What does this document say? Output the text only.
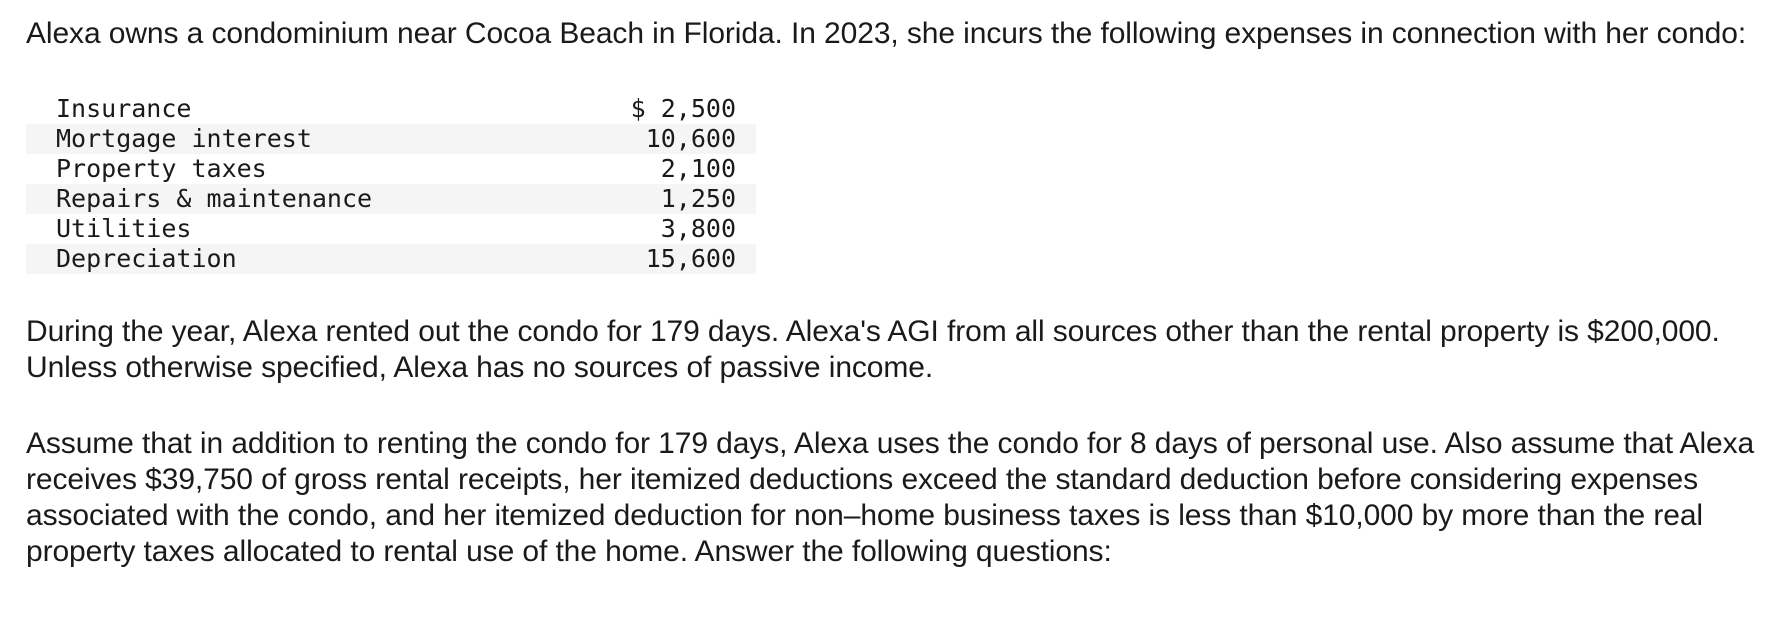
Alexa owns a condominium near Cocoa Beach in Florida. In 2023, she incurs the following expenses in connection with her condo:

Insurance	$ 2,500
Mortgage interest	10,600
Property taxes	2,100
Repairs & maintenance	1,250
Utilities	3,800
Depreciation	15,600

During the year, Alexa rented out the condo for 179 days. Alexa's AGI from all sources other than the rental property is $200,000. Unless otherwise specified, Alexa has no sources of passive income.

Assume that in addition to renting the condo for 179 days, Alexa uses the condo for 8 days of personal use. Also assume that Alexa receives $39,750 of gross rental receipts, her itemized deductions exceed the standard deduction before considering expenses associated with the condo, and her itemized deduction for non–home business taxes is less than $10,000 by more than the real property taxes allocated to rental use of the home. Answer the following questions:
